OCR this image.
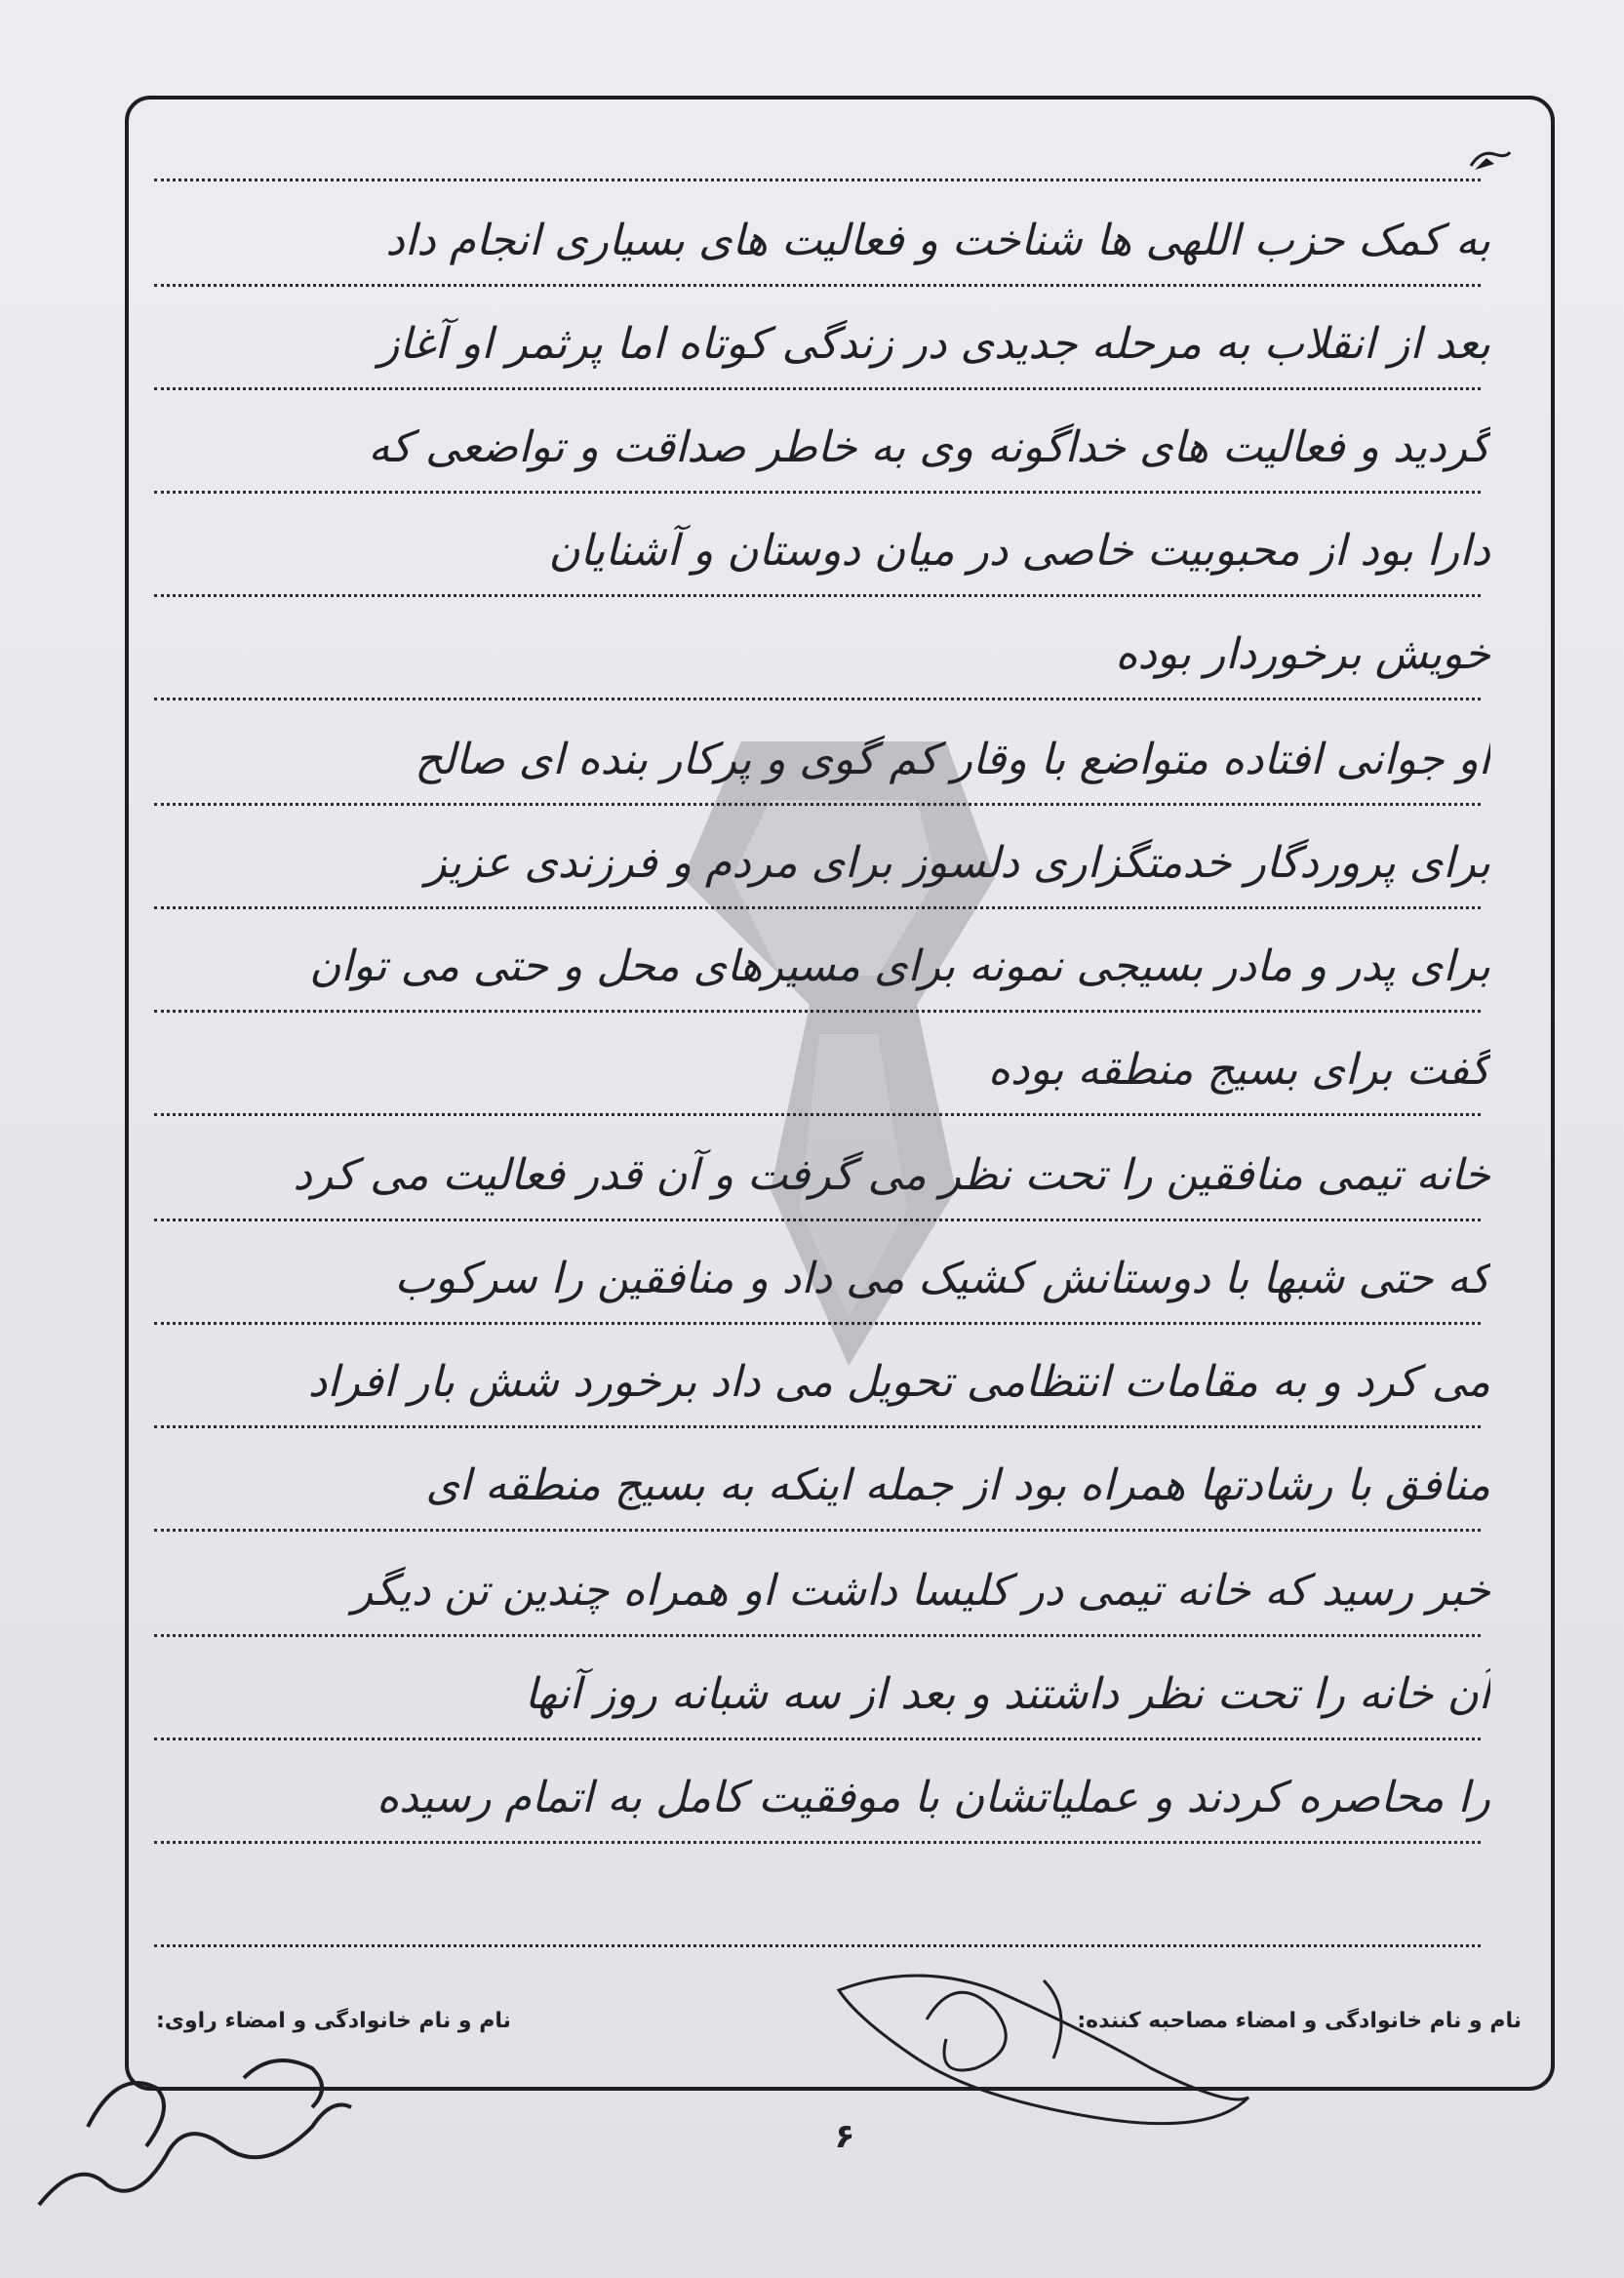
به کمک حزب اللهی ها شناخت و فعالیت های بسیاری انجام داد
بعد از انقلاب به مرحله جدیدی در زندگی کوتاه اما پرثمر او آغاز
گردید و فعالیت های خداگونه وی به خاطر صداقت و تواضعی که
دارا بود از محبوبیت خاصی در میان دوستان و آشنایان
خویش برخوردار بوده
او جوانی افتاده متواضع با وقار کم گوی و پرکار بنده ای صالح
برای پروردگار خدمتگزاری دلسوز برای مردم و فرزندی عزیز
برای پدر و مادر بسیجی نمونه برای مسیرهای محل و حتی می توان
گفت برای بسیج منطقه بوده
خانه تیمی منافقین را تحت نظر می گرفت و آن قدر فعالیت می کرد
که حتی شبها با دوستانش کشیک می داد و منافقین را سرکوب
می کرد و به مقامات انتظامی تحویل می داد برخورد شش بار افراد
منافق با رشادتها همراه بود از جمله اینکه به بسیج منطقه ای
خبر رسید که خانه تیمی در کلیسا داشت او همراه چندین تن دیگر
آن خانه را تحت نظر داشتند و بعد از سه شبانه روز آنها
را محاصره کردند و عملیاتشان با موفقیت کامل به اتمام رسیده
نام و نام خانوادگی و امضاء مصاحبه کننده:
نام و نام خانوادگی و امضاء راوی:
۶
